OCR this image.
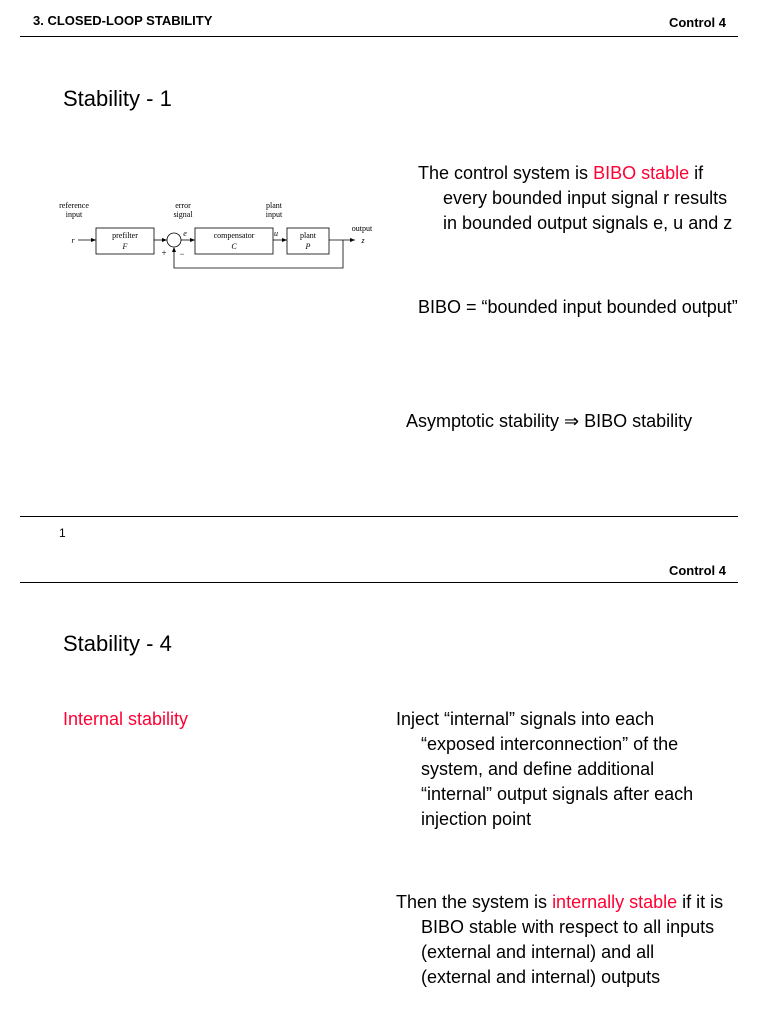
3. CLOSED-LOOP STABILITY	Control 4
Stability - 1
reference
input
error
signal
plant
input
output
r
e	u
z
prefilter
F
compensator
C
plant
P
+ −
The control system is BIBO stable if every bounded input signal r results in bounded output signals e, u and z
BIBO = “bounded input bounded output”
Asymptotic stability ⇒ BIBO stability
1
Control 4
Stability - 4
Internal stability	Inject “internal” signals into each “exposed interconnection” of the system, and define additional “internal” output signals after each injection point
Then the system is internally stable if it is BIBO stable with respect to all inputs (external and internal) and all (external and internal) outputs
